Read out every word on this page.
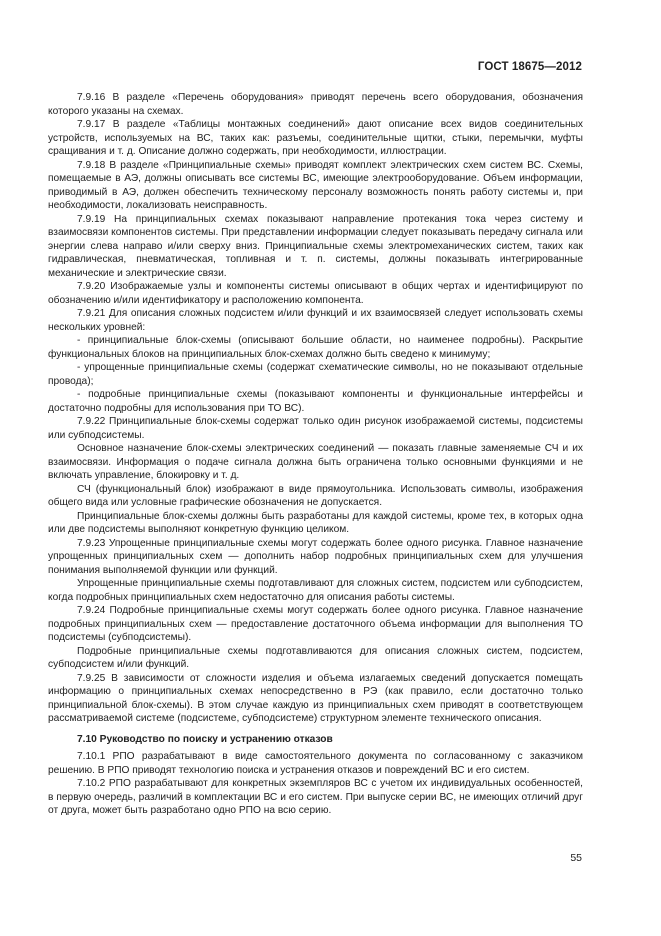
ГОСТ 18675—2012

7.9.16 В разделе «Перечень оборудования» приводят перечень всего оборудования, обозначения которого указаны на схемах.

7.9.17 В разделе «Таблицы монтажных соединений» дают описание всех видов соединительных устройств, используемых на ВС, таких как: разъемы, соединительные щитки, стыки, перемычки, муфты сращивания и т. д. Описание должно содержать, при необходимости, иллюстрации.

7.9.18 В разделе «Принципиальные схемы» приводят комплект электрических схем систем ВС. Схемы, помещаемые в АЭ, должны описывать все системы ВС, имеющие электрооборудование. Объем информации, приводимый в АЭ, должен обеспечить техническому персоналу возможность понять работу системы и, при необходимости, локализовать неисправность.

7.9.19 На принципиальных схемах показывают направление протекания тока через систему и взаимосвязи компонентов системы. При представлении информации следует показывать передачу сигнала или энергии слева направо и/или сверху вниз. Принципиальные схемы электромеханических систем, таких как гидравлическая, пневматическая, топливная и т. п. системы, должны показывать интегрированные механические и электрические связи.

7.9.20 Изображаемые узлы и компоненты системы описывают в общих чертах и идентифицируют по обозначению и/или идентификатору и расположению компонента.

7.9.21 Для описания сложных подсистем и/или функций и их взаимосвязей следует использовать схемы нескольких уровней:

- принципиальные блок-схемы (описывают большие области, но наименее подробны). Раскрытие функциональных блоков на принципиальных блок-схемах должно быть сведено к минимуму;

- упрощенные принципиальные схемы (содержат схематические символы, но не показывают отдельные провода);

- подробные принципиальные схемы (показывают компоненты и функциональные интерфейсы и достаточно подробны для использования при ТО ВС).

7.9.22 Принципиальные блок-схемы содержат только один рисунок изображаемой системы, подсистемы или субподсистемы.

Основное назначение блок-схемы электрических соединений — показать главные заменяемые СЧ и их взаимосвязи. Информация о подаче сигнала должна быть ограничена только основными функциями и не включать управление, блокировку и т. д.

СЧ (функциональный блок) изображают в виде прямоугольника. Использовать символы, изображения общего вида или условные графические обозначения не допускается.

Принципиальные блок-схемы должны быть разработаны для каждой системы, кроме тех, в которых одна или две подсистемы выполняют конкретную функцию целиком.

7.9.23 Упрощенные принципиальные схемы могут содержать более одного рисунка. Главное назначение упрощенных принципиальных схем — дополнить набор подробных принципиальных схем для улучшения понимания выполняемой функции или функций.

Упрощенные принципиальные схемы подготавливают для сложных систем, подсистем или субподсистем, когда подробных принципиальных схем недостаточно для описания работы системы.

7.9.24 Подробные принципиальные схемы могут содержать более одного рисунка. Главное назначение подробных принципиальных схем — предоставление достаточного объема информации для выполнения ТО подсистемы (субподсистемы).

Подробные принципиальные схемы подготавливаются для описания сложных систем, подсистем, субподсистем и/или функций.

7.9.25 В зависимости от сложности изделия и объема излагаемых сведений допускается помещать информацию о принципиальных схемах непосредственно в РЭ (как правило, если достаточно только принципиальной блок-схемы). В этом случае каждую из принципиальных схем приводят в соответствующем рассматриваемой системе (подсистеме, субподсистеме) структурном элементе технического описания.

7.10 Руководство по поиску и устранению отказов

7.10.1 РПО разрабатывают в виде самостоятельного документа по согласованному с заказчиком решению. В РПО приводят технологию поиска и устранения отказов и повреждений ВС и его систем.

7.10.2 РПО разрабатывают для конкретных экземпляров ВС с учетом их индивидуальных особенностей, в первую очередь, различий в комплектации ВС и его систем. При выпуске серии ВС, не имеющих отличий друг от друга, может быть разработано одно РПО на всю серию.

55
